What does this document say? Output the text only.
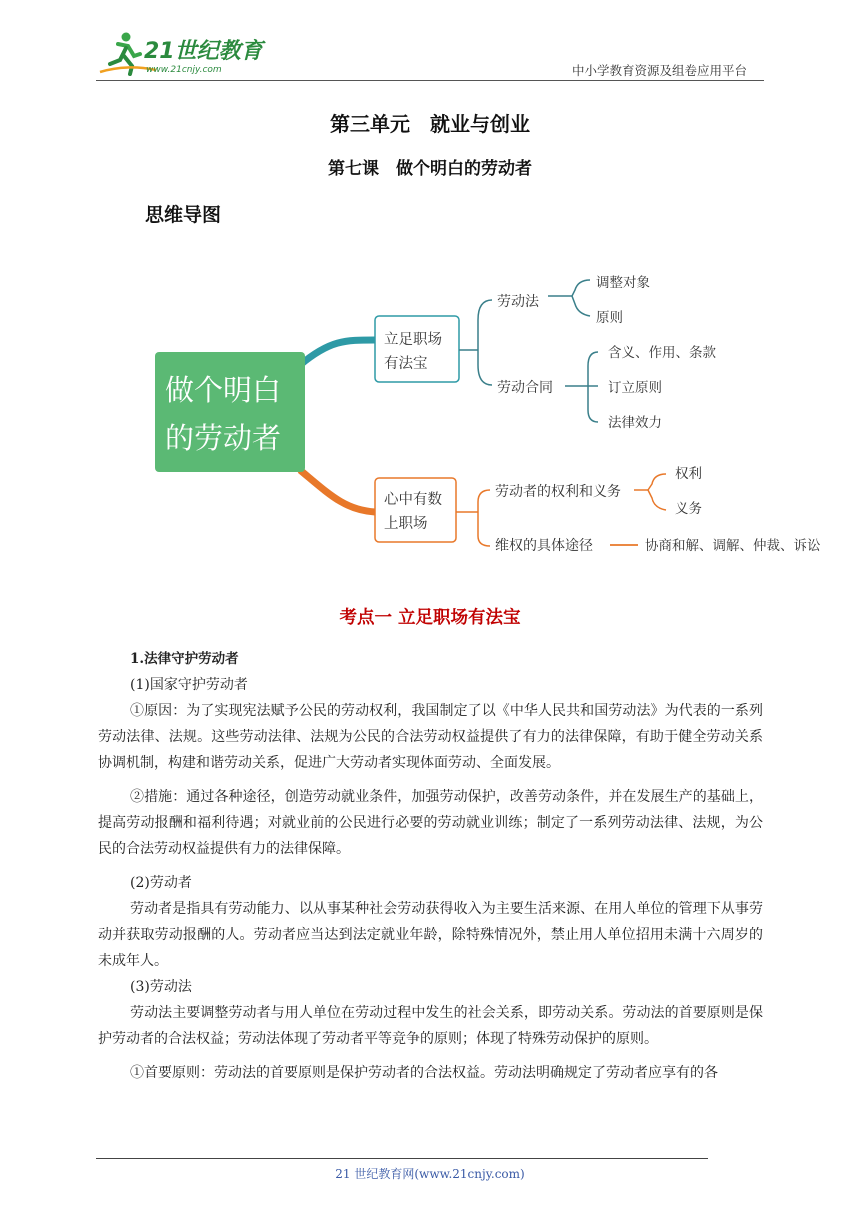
21世纪教育
www.21cnjy.com	中小学教育资源及组卷应用平台
第三单元　就业与创业
第七课　做个明白的劳动者
思维导图
做个明白
的劳动者
立足职场
有法宝
劳动法
劳动合同
调整对象
原则
含义、作用、条款
订立原则
法律效力
心中有数
上职场
劳动者的权利和义务
维权的具体途径
权利
义务
协商和解、调解、仲裁、诉讼
考点一 立足职场有法宝

1.法律守护劳动者

(1)国家守护劳动者

①原因：为了实现宪法赋予公民的劳动权利，我国制定了以《中华人民共和国劳动法》为代表的一系列劳动法律、法规。这些劳动法律、法规为公民的合法劳动权益提供了有力的法律保障，有助于健全劳动关系协调机制，构建和谐劳动关系，促进广大劳动者实现体面劳动、全面发展。

②措施：通过各种途径，创造劳动就业条件，加强劳动保护，改善劳动条件，并在发展生产的基础上，提高劳动报酬和福利待遇；对就业前的公民进行必要的劳动就业训练；制定了一系列劳动法律、法规，为公民的合法劳动权益提供有力的法律保障。

(2)劳动者

劳动者是指具有劳动能力、以从事某种社会劳动获得收入为主要生活来源、在用人单位的管理下从事劳动并获取劳动报酬的人。劳动者应当达到法定就业年龄，除特殊情况外，禁止用人单位招用未满十六周岁的未成年人。

(3)劳动法

劳动法主要调整劳动者与用人单位在劳动过程中发生的社会关系，即劳动关系。劳动法的首要原则是保护劳动者的合法权益；劳动法体现了劳动者平等竞争的原则；体现了特殊劳动保护的原则。

①首要原则：劳动法的首要原则是保护劳动者的合法权益。劳动法明确规定了劳动者应享有的各

21 世纪教育网(www.21cnjy.com)
